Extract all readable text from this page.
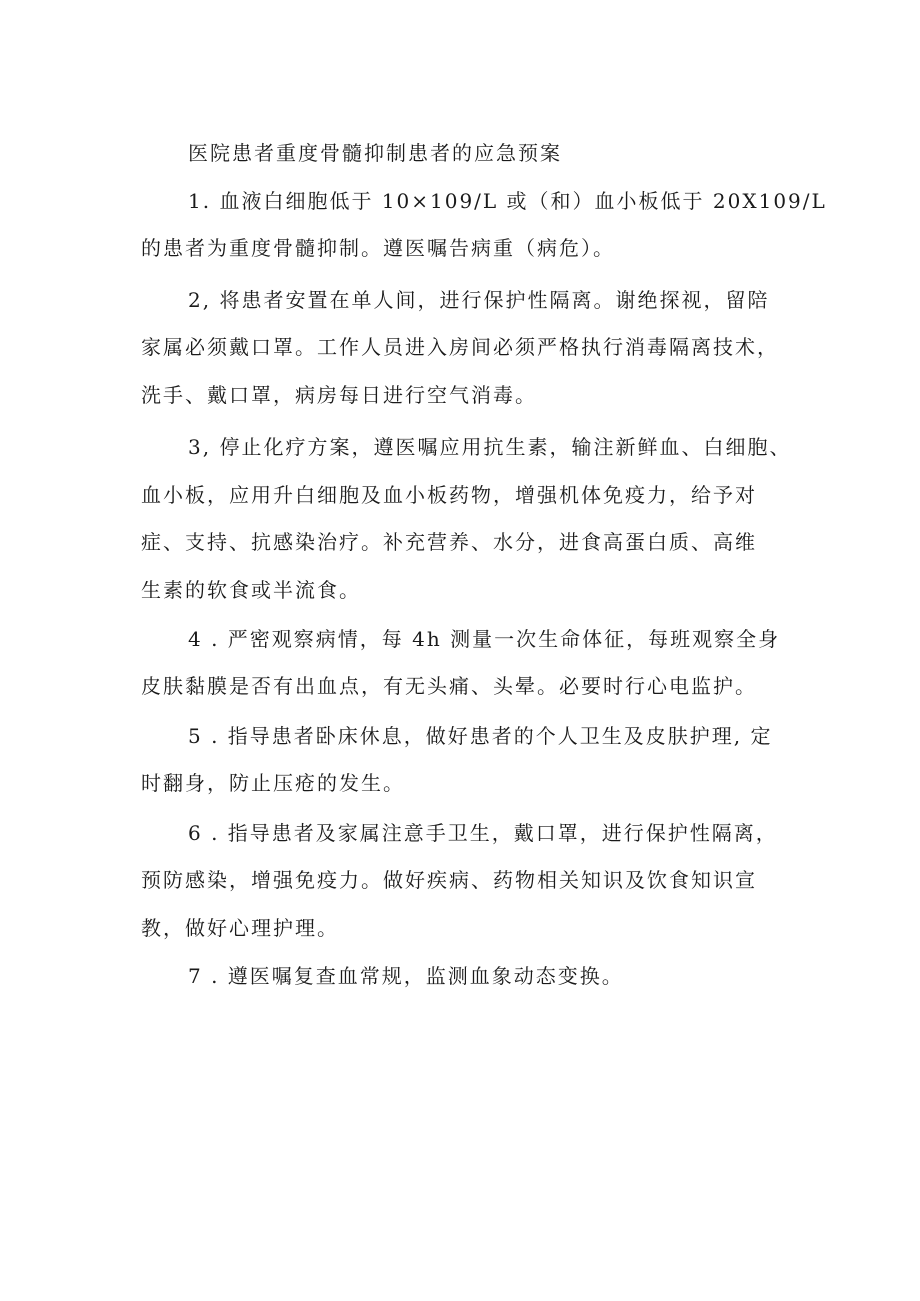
医院患者重度骨髓抑制患者的应急预案
1. 血液白细胞低于 10×109/L 或（和）血小板低于 20X109/L
的患者为重度骨髓抑制。遵医嘱告病重（病危）。
2, 将患者安置在单人间，进行保护性隔离。谢绝探视，留陪
家属必须戴口罩。工作人员进入房间必须严格执行消毒隔离技术，
洗手、戴口罩，病房每日进行空气消毒。
3, 停止化疗方案，遵医嘱应用抗生素，输注新鲜血、白细胞、
血小板，应用升白细胞及血小板药物，增强机体免疫力，给予对
症、支持、抗感染治疗。补充营养、水分，进食高蛋白质、高维
生素的软食或半流食。
4 . 严密观察病情，每 4h 测量一次生命体征，每班观察全身
皮肤黏膜是否有出血点，有无头痛、头晕。必要时行心电监护。
5 . 指导患者卧床休息，做好患者的个人卫生及皮肤护理, 定
时翻身，防止压疮的发生。
6 . 指导患者及家属注意手卫生，戴口罩，进行保护性隔离，
预防感染，增强免疫力。做好疾病、药物相关知识及饮食知识宣
教，做好心理护理。
7 . 遵医嘱复查血常规，监测血象动态变换。
